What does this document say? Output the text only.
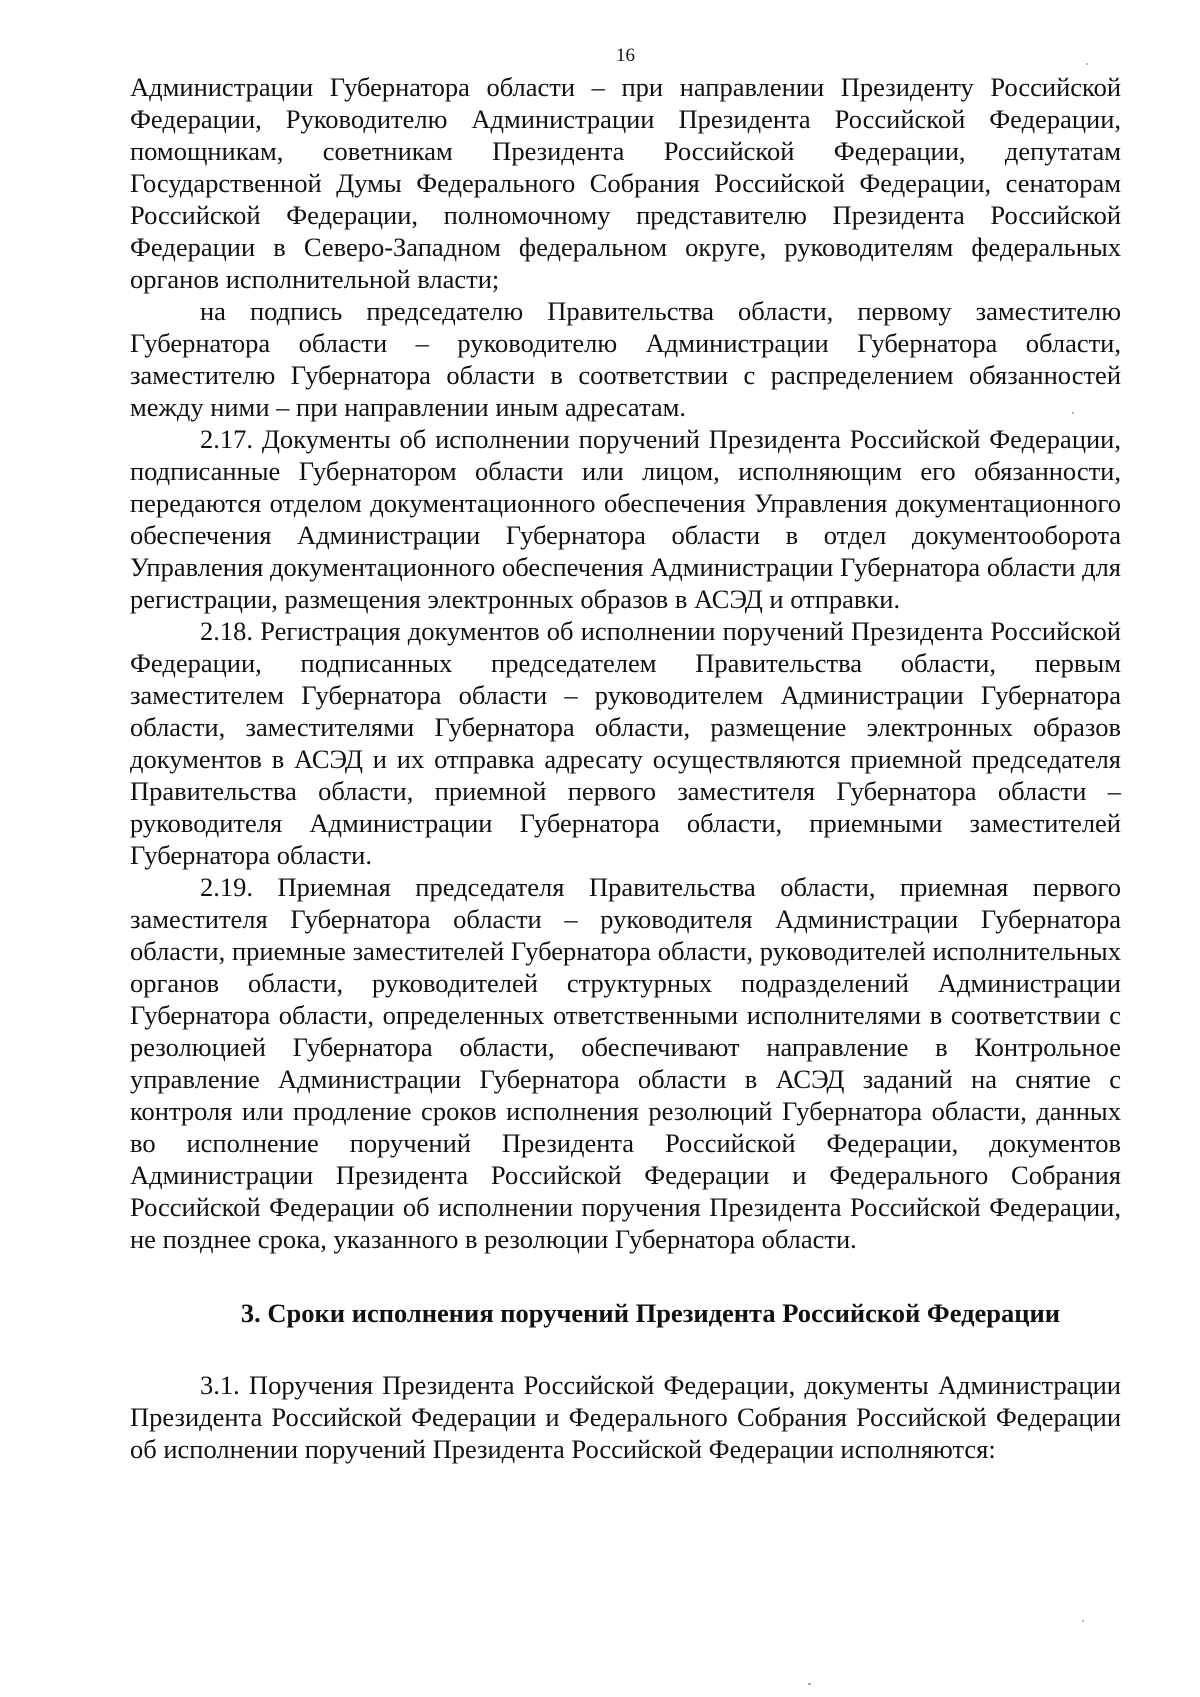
16

Администрации Губернатора области – при направлении Президенту Российской Федерации, Руководителю Администрации Президента Российской Федерации, помощникам, советникам Президента Российской Федерации, депутатам Государственной Думы Федерального Собрания Российской Федерации, сенаторам Российской Федерации, полномочному представителю Президента Российской Федерации в Северо-Западном федеральном округе, руководителям федеральных органов исполнительной власти;

на подпись председателю Правительства области, первому заместителю Губернатора области – руководителю Администрации Губернатора области, заместителю Губернатора области в соответствии с распределением обязанностей между ними – при направлении иным адресатам.

2.17. Документы об исполнении поручений Президента Российской Федерации, подписанные Губернатором области или лицом, исполняющим его обязанности, передаются отделом документационного обеспечения Управления документационного обеспечения Администрации Губернатора области в отдел документооборота Управления документационного обеспечения Администрации Губернатора области для регистрации, размещения электронных образов в АСЭД и отправки.

2.18. Регистрация документов об исполнении поручений Президента Российской Федерации, подписанных председателем Правительства области, первым заместителем Губернатора области – руководителем Администрации Губернатора области, заместителями Губернатора области, размещение электронных образов документов в АСЭД и их отправка адресату осуществляются приемной председателя Правительства области, приемной первого заместителя Губернатора области – руководителя Администрации Губернатора области, приемными заместителей Губернатора области.

2.19. Приемная председателя Правительства области, приемная первого заместителя Губернатора области – руководителя Администрации Губернатора области, приемные заместителей Губернатора области, руководителей исполнительных органов области, руководителей структурных подразделений Администрации Губернатора области, определенных ответственными исполнителями в соответствии с резолюцией Губернатора области, обеспечивают направление в Контрольное управление Администрации Губернатора области в АСЭД заданий на снятие с контроля или продление сроков исполнения резолюций Губернатора области, данных во исполнение поручений Президента Российской Федерации, документов Администрации Президента Российской Федерации и Федерального Собрания Российской Федерации об исполнении поручения Президента Российской Федерации, не позднее срока, указанного в резолюции Губернатора области.

3. Сроки исполнения поручений Президента Российской Федерации

3.1. Поручения Президента Российской Федерации, документы Администрации Президента Российской Федерации и Федерального Собрания Российской Федерации об исполнении поручений Президента Российской Федерации исполняются:
